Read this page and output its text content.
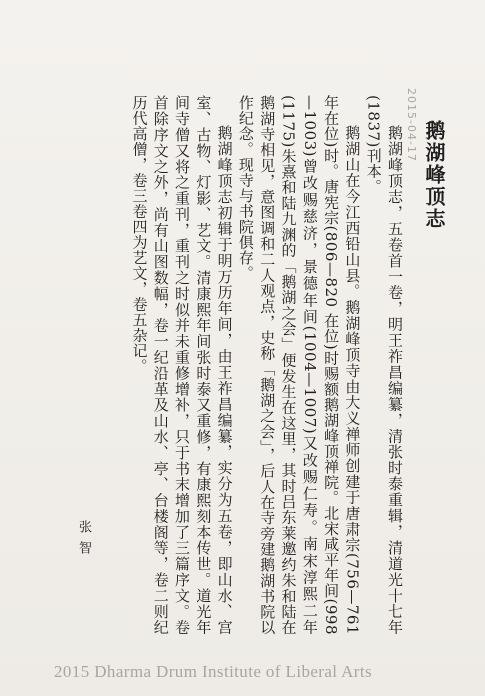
2015-04-17 鹅湖峰顶志

鹅湖峰顶志，五卷首一卷，明王祚昌编纂，清张时泰重辑，清道光十七年(1837)刊本。

鹅湖山在今江西铅山县。鹅湖峰顶寺由大义禅师创建于唐肃宗(756—761年在位)时。唐宪宗(806—820 在位)时赐额鹅湖峰顶禅院。北宋咸平年间(998—1003)曾改赐慈济，景德年间(1004—1007)又改赐仁寿。南宋淳熙二年(1175)朱熹和陆九渊的「鹅湖之会」便发生在这里，其时吕东莱邀约朱和陆在鹅湖寺相见，意图调和二人观点，史称「鹅湖之会」，后人在寺旁建鹅湖书院以作纪念。现寺与书院俱存。

鹅湖峰顶志初辑于明万历年间，由王祚昌编纂，实分为五卷，即山水、宫室、古物、灯影、艺文。清康熙年间张时泰又重修，有康熙刻本传世。道光年间寺僧又将之重刊，重刊之时似并未重修增补，只于书末增加了三篇序文。卷首除序文之外，尚有山图数幅，卷一纪沿革及山水、亭、台楼阁等，卷二则纪历代高僧，卷三卷四为艺文，卷五杂记。

张智
2015 Dharma Drum Institute of Liberal Arts
